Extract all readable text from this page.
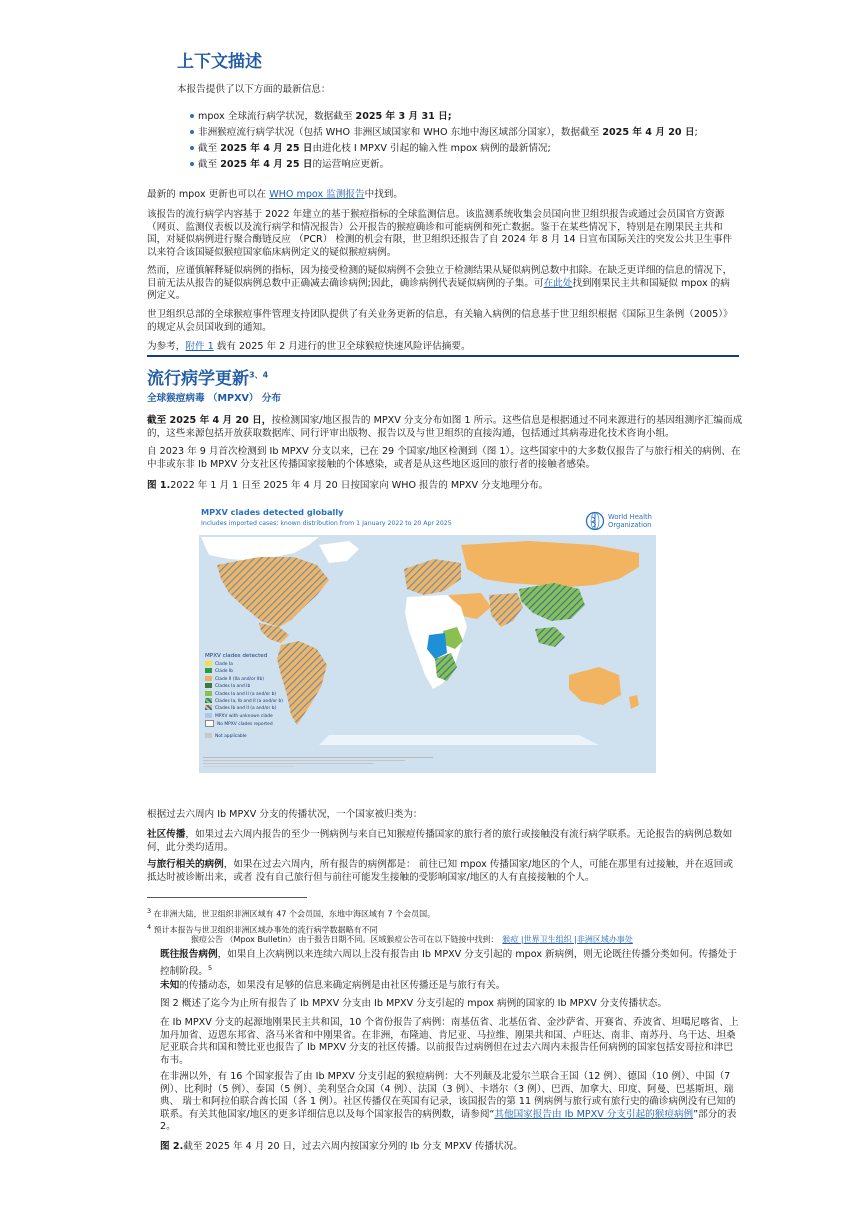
上下文描述
本报告提供了以下方面的最新信息：
mpox 全球流行病学状况，数据截至 2025 年 3 月 31 日;
非洲猴痘流行病学状况（包括 WHO 非洲区域国家和 WHO 东地中海区域部分国家），数据截至 2025 年 4 月 20 日;
截至 2025 年 4 月 25 日由进化枝 I MPXV 引起的输入性 mpox 病例的最新情况;
截至 2025 年 4 月 25 日的运营响应更新。
最新的 mpox 更新也可以在 WHO mpox 监测报告中找到。
该报告的流行病学内容基于 2022 年建立的基于猴痘指标的全球监测信息。该监测系统收集会员国向世卫组织报告或通过会员国官方资源
（网页、监测仪表板以及流行病学和情况报告）公开报告的猴痘确诊和可能病例和死亡数据。鉴于在某些情况下，特别是在刚果民主共和
国，对疑似病例进行聚合酶链反应 （PCR） 检测的机会有限，世卫组织还报告了自 2024 年 8 月 14 日宣布国际关注的突发公共卫生事件
以来符合该国疑似猴痘国家临床病例定义的疑似猴痘病例。
然而，应谨慎解释疑似病例的指标，因为接受检测的疑似病例不会独立于检测结果从疑似病例总数中扣除。在缺乏更详细的信息的情况下，
目前无法从报告的疑似病例总数中正确减去确诊病例;因此，确诊病例代表疑似病例的子集。可在此处找到刚果民主共和国疑似 mpox 的病
例定义。
世卫组织总部的全球猴痘事件管理支持团队提供了有关业务更新的信息，有关输入病例的信息基于世卫组织根据《国际卫生条例（2005）》
的规定从会员国收到的通知。
为参考，附件 1 载有 2025 年 2 月进行的世卫全球猴痘快速风险评估摘要。
流行病学更新$^{3、4}$
全球猴痘病毒 （MPXV） 分布
截至 2025 年 4 月 20 日，按检测国家/地区报告的 MPXV 分支分布如图 1 所示。这些信息是根据通过不同来源进行的基因组测序汇编而成
的，这些来源包括开放获取数据库、同行评审出版物、报告以及与世卫组织的直接沟通，包括通过其病毒进化技术咨询小组。
自 2023 年 9 月首次检测到 Ib MPXV 分支以来，已在 29 个国家/地区检测到（图 1）。这些国家中的大多数仅报告了与旅行相关的病例、在
中非或东非 Ib MPXV 分支社区传播国家接触的个体感染，或者是从这些地区返回的旅行者的接触者感染。
图 1.2022 年 1 月 1 日至 2025 年 4 月 20 日按国家向 WHO 报告的 MPXV 分支地理分布。
MPXV clades detected globally
Includes imported cases; known distribution from 1 January 2022 to 20 Apr 2025
World Health
Organization
MPXV clades detected
Clade Ia
Clade Ib
Clade II (IIa and/or IIb)
Clades Ia and Ib
Clades Ia and II (a and/or b)
Clades Ia, Ib and II (a and/or b)
Clades Ib and II (a and/or b)
MPXV with unknown clade
No MPXV clades reported
Not applicable
根据过去六周内 Ib MPXV 分支的传播状况，一个国家被归类为：
社区传播，如果过去六周内报告的至少一例病例与来自已知猴痘传播国家的旅行者的旅行或接触没有流行病学联系。无论报告的病例总数如
何，此分类均适用。
与旅行相关的病例，如果在过去六周内，所有报告的病例都是： 前往已知 mpox 传播国家/地区的个人，可能在那里有过接触，并在返回或
抵达时被诊断出来，或者 没有自己旅行但与前往可能发生接触的受影响国家/地区的人有直接接触的个人。
$^3$ 在非洲大陆，世卫组织非洲区域有 47 个会员国，东地中海区域有 7 个会员国。
$^4$ 预计本报告与世卫组织非洲区域办事处的流行病学数据略有不同
猴痘公告 （Mpox Bulletin） 由于报告日期不同。区域猴痘公告可在以下链接中找到： 猴痘 |世界卫生组织 |非洲区域办事处
既往报告病例，如果自上次病例以来连续六周以上没有报告由 Ib MPXV 分支引起的 mpox 新病例，则无论既往传播分类如何。传播处于
控制阶段。$^5$
未知的传播动态，如果没有足够的信息来确定病例是由社区传播还是与旅行有关。
图 2 概述了迄今为止所有报告了 Ib MPXV 分支由 Ib MPXV 分支引起的 mpox 病例的国家的 Ib MPXV 分支传播状态。
在 Ib MPXV 分支的起源地刚果民主共和国，10 个省份报告了病例：南基伍省、北基伍省、金沙萨省、开赛省、乔波省、坦噶尼喀省、上
加丹加省、迈恩东邦省、洛马米省和中刚果省。在非洲，布隆迪、肯尼亚、马拉维、刚果共和国、卢旺达、南非、南苏丹、乌干达、坦桑
尼亚联合共和国和赞比亚也报告了 Ib MPXV 分支的社区传播。以前报告过病例但在过去六周内未报告任何病例的国家包括安哥拉和津巴
布韦。
在非洲以外，有 16 个国家报告了由 Ib MPXV 分支引起的猴痘病例：大不列颠及北爱尔兰联合王国（12 例）、德国（10 例）、中国（7
例）、比利时（5 例）、泰国（5 例）、美利坚合众国（4 例）、法国（3 例）、卡塔尔（3 例）、巴西、加拿大、印度、阿曼、巴基斯坦、瑞
典、 瑞士和阿拉伯联合酋长国（各 1 例）。社区传播仅在英国有记录，该国报告的第 11 例病例与旅行或有旅行史的确诊病例没有已知的
联系。有关其他国家/地区的更多详细信息以及每个国家报告的病例数，请参阅“其他国家报告由 Ib MPXV 分支引起的猴痘病例”部分的表
2。
图 2.截至 2025 年 4 月 20 日，过去六周内按国家分列的 Ib 分支 MPXV 传播状况。
